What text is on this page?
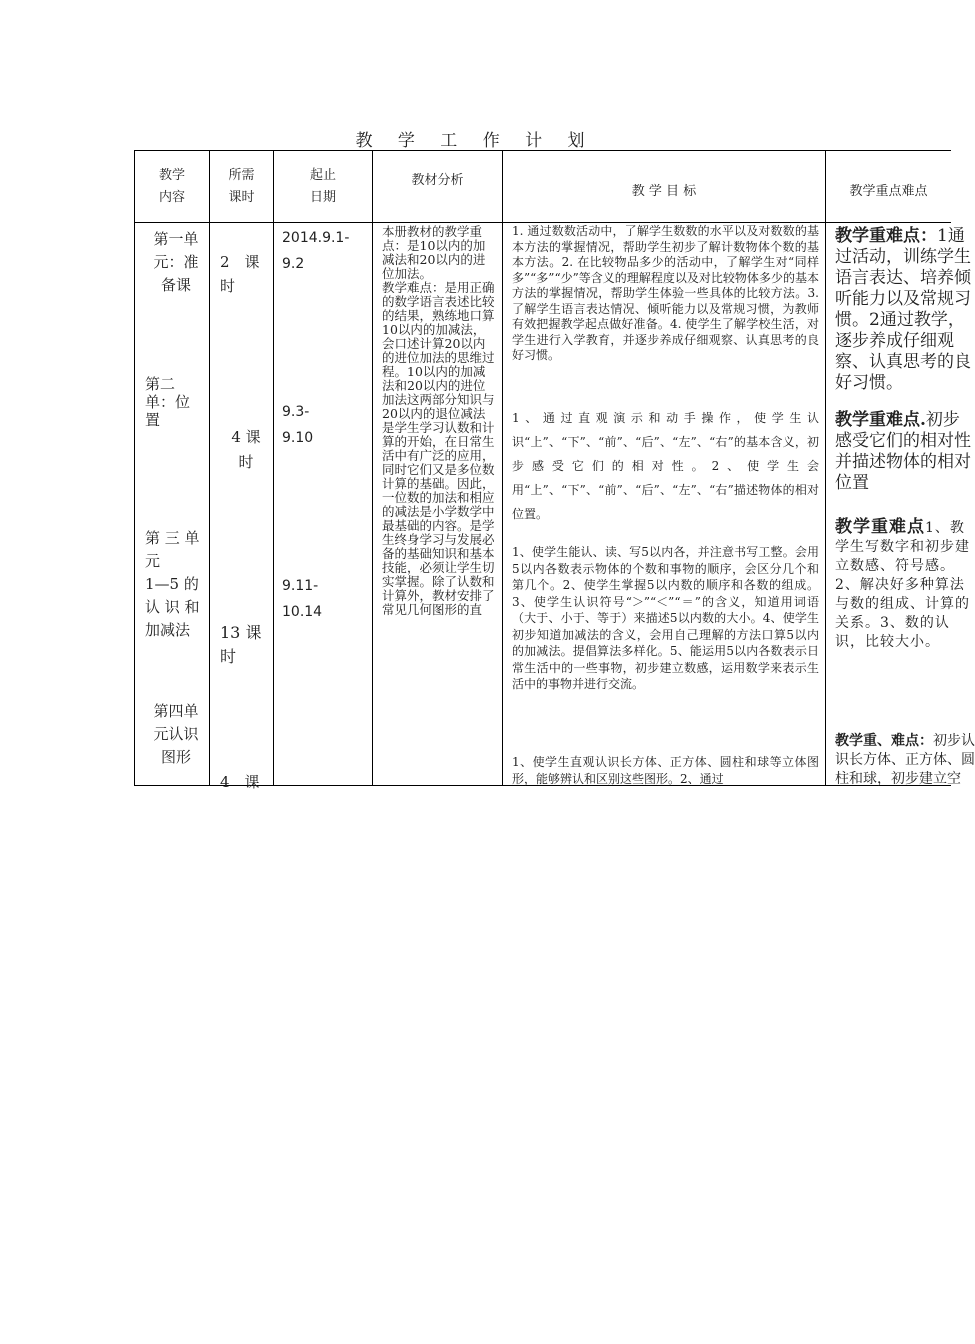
教 学 工 作 计 划
教学
内容
所需
课时
起止
日期
教材分析
教 学 目 标	教学重点难点
第一单
元：准
备课
第二
单：位
置
第 三 单
元
1—5 的
认 识 和
加减法
第四单
元认识
图形
2　课时
4 课
时
13 课时
4　课
2014.9.1-9.2
9.3-9.10
9.11-10.14
本册教材的教学重点：是10以内的加减法和20以内的进位加法。
教学难点：是用正确的数学语言表述比较的结果，熟练地口算10以内的加减法，会口述计算20以内的进位加法的思维过程。10以内的加减法和20以内的进位加法这两部分知识与20以内的退位减法是学生学习认数和计算的开始，在日常生活中有广泛的应用，同时它们又是多位数计算的基础。因此，一位数的加法和相应的减法是小学数学中最基础的内容。是学生终身学习与发展必备的基础知识和基本技能，必须让学生切实掌握。除了认数和计算外，教材安排了常见几何图形的直
1. 通过数数活动中，了解学生数数的水平以及对数数的基本方法的掌握情况，帮助学生初步了解计数物体个数的基本方法。2. 在比较物品多少的活动中，了解学生对“同样多”“多”“少”等含义的理解程度以及对比较物体多少的基本方法的掌握情况，帮助学生体验一些具体的比较方法。3. 了解学生语言表达情况、倾听能力以及常规习惯，为教师有效把握教学起点做好准备。4. 使学生了解学校生活，对学生进行入学教育，并逐步养成仔细观察、认真思考的良好习惯。
1、通过直观演示和动手操作，使学生认识“上”、“下”、“前”、“后”、“左”、“右”的基本含义，初步感受它们的相对性。2、使学生会用“上”、“下”、“前”、“后”、“左”、“右”描述物体的相对位置。
1、使学生能认、读、写5以内各，并注意书写工整。会用5以内各数表示物体的个数和事物的顺序，会区分几个和第几个。2、使学生掌握5以内数的顺序和各数的组成。3、使学生认识符号“＞”“＜”“＝”的含义，知道用词语（大于、小于、等于）来描述5以内数的大小。4、使学生初步知道加减法的含义，会用自己理解的方法口算5以内的加减法。提倡算法多样化。5、能运用5以内各数表示日常生活中的一些事物，初步建立数感，运用数学来表示生活中的事物并进行交流。
1、使学生直观认识长方体、正方体、圆柱和球等立体图形，能够辨认和区别这些图形。2、通过
教学重难点：1通过活动，训练学生语言表达、培养倾听能力以及常规习惯。2通过教学，逐步养成仔细观察、认真思考的良好习惯。
教学重难点.初步感受它们的相对性并描述物体的相对位置
教学重难点1、教学生写数字和初步建立数感、符号感。2、解决好多种算法与数的组成、计算的关系。3、数的认识，比较大小。
教学重、难点：初步认识长方体、正方体、圆柱和球，初步建立空
